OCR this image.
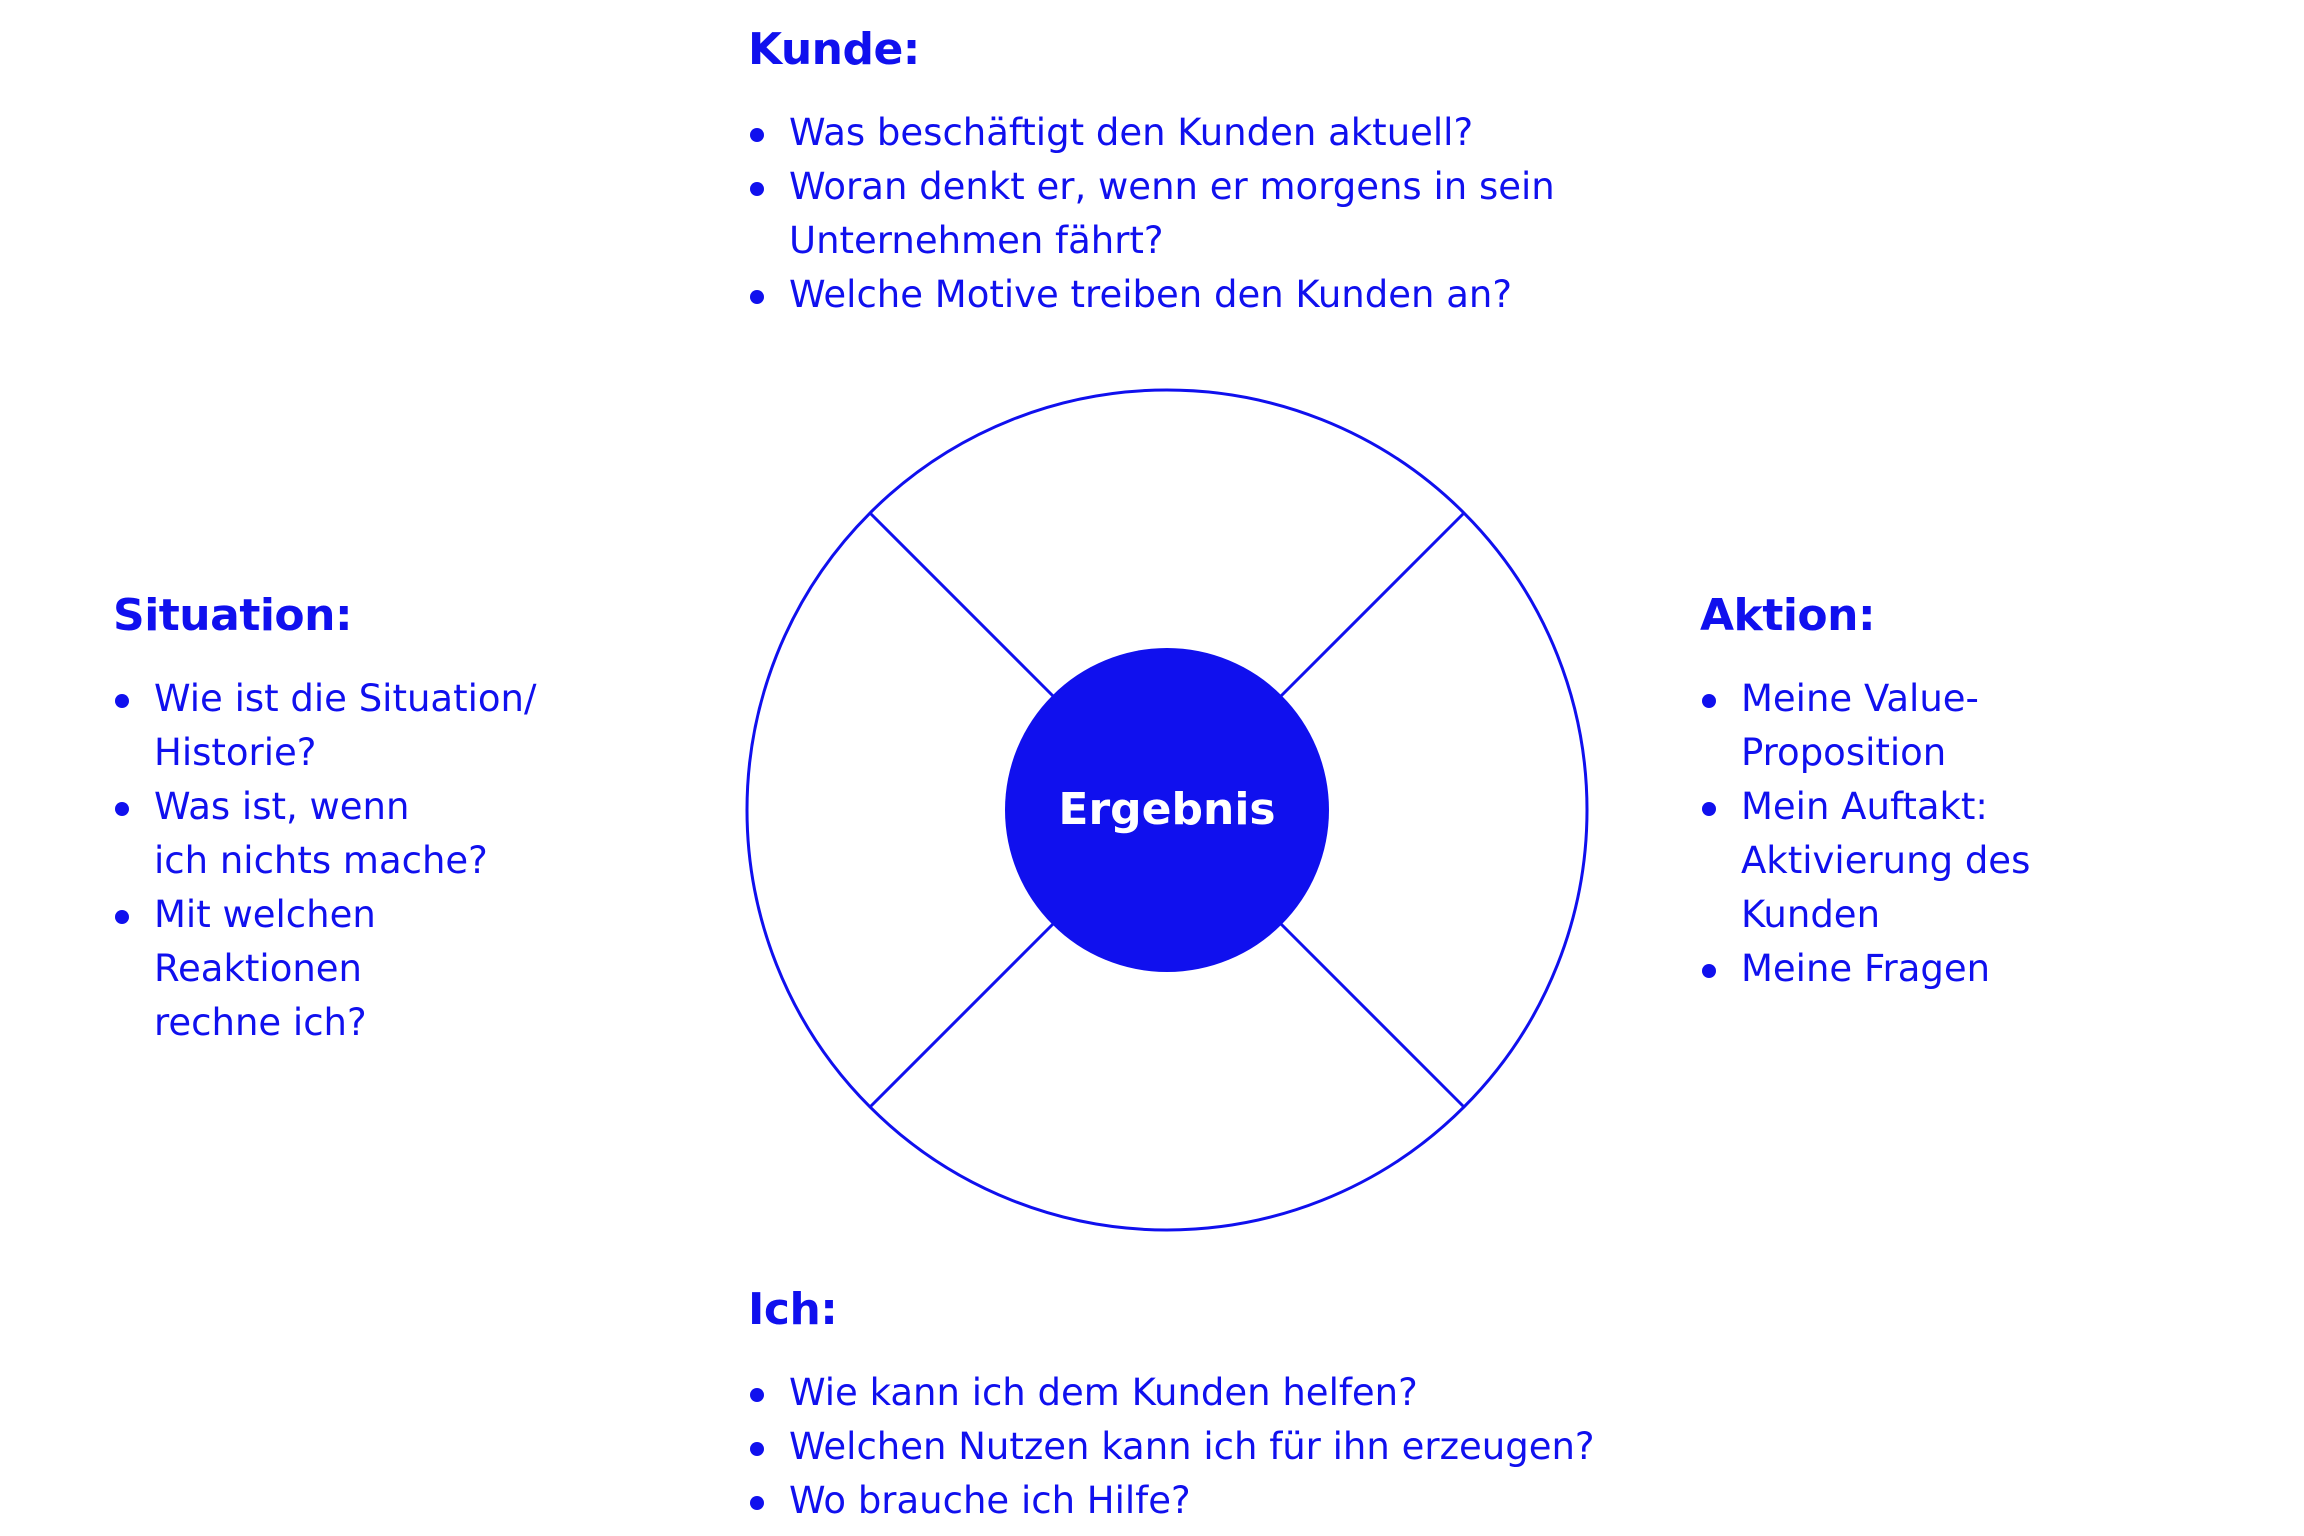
Ergebnis
Kunde:
Was beschäftigt den Kunden aktuell?
Woran denkt er, wenn er morgens in sein
Unternehmen fährt?
Welche Motive treiben den Kunden an?
Situation:
Wie ist die Situation/
Historie?
Was ist, wenn
ich nichts mache?
Mit welchen
Reaktionen
rechne ich?
Aktion:
Meine Value-
Proposition
Mein Auftakt:
Aktivierung des
Kunden
Meine Fragen
Ich:
Wie kann ich dem Kunden helfen?
Welchen Nutzen kann ich für ihn erzeugen?
Wo brauche ich Hilfe?
